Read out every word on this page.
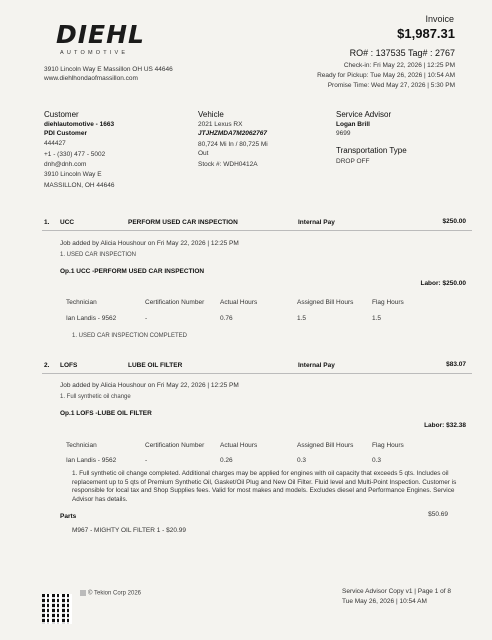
DIEHL
AUTOMOTIVE
3910 Lincoln Way E Massillon OH US 44646
www.diehlhondaofmassillon.com
Invoice
$1,987.31
RO# : 137535 Tag# : 2767
Check-in: Fri May 22, 2026 | 12:25 PM
Ready for Pickup: Tue May 26, 2026 | 10:54 AM
Promise Time: Wed May 27, 2026 | 5:30 PM
Customer
diehlautomotive - 1663
PDI Customer
444427
+1 - (330) 477 - 5002
dnh@dnh.com
3910 Lincoln Way E
MASSILLON, OH 44646
Vehicle
2021 Lexus RX
JTJHZMDA7M2062767
80,724 Mi In / 80,725 Mi
Out
Stock #: WDH0412A
Service Advisor
Logan Brill
9699
Transportation Type
DROP OFF
1. UCC	PERFORM USED CAR INSPECTION	Internal Pay	$250.00
Job added by Alicia Houshour on Fri May 22, 2026 | 12:25 PM
1. USED CAR INSPECTION
Op.1 UCC -PERFORM USED CAR INSPECTION
Labor: $250.00
Technician	Certification Number Actual Hours	Assigned Bill Hours	Flag Hours
Ian Landis - 9562	-	0.76	1.5	1.5
1. USED CAR INSPECTION COMPLETED
2. LOFS	LUBE OIL FILTER	Internal Pay	$83.07
Job added by Alicia Houshour on Fri May 22, 2026 | 12:25 PM
1. Full synthetic oil change
Op.1 LOFS -LUBE OIL FILTER
Labor: $32.38
Technician	Certification Number Actual Hours	Assigned Bill Hours	Flag Hours
Ian Landis - 9562	-	0.26	0.3	0.3
1. Full synthetic oil change completed. Additional charges may be applied for engines with oil capacity that exceeds 5 qts. Includes oil replacement up to 5 qts of Premium Synthetic Oil, Gasket/Oil Plug and New Oil Filter. Fluid level and Multi-Point Inspection. Customer is responsible for local tax and Shop Supplies fees. Valid for most makes and models. Excludes diesel and Performance Engines. Service Advisor has details.
Parts	$50.69
M967 - MIGHTY OIL FILTER 1 - $20.99
© Tekion Corp 2026	Service Advisor Copy v1 | Page 1 of 8
Tue May 26, 2026 | 10:54 AM
